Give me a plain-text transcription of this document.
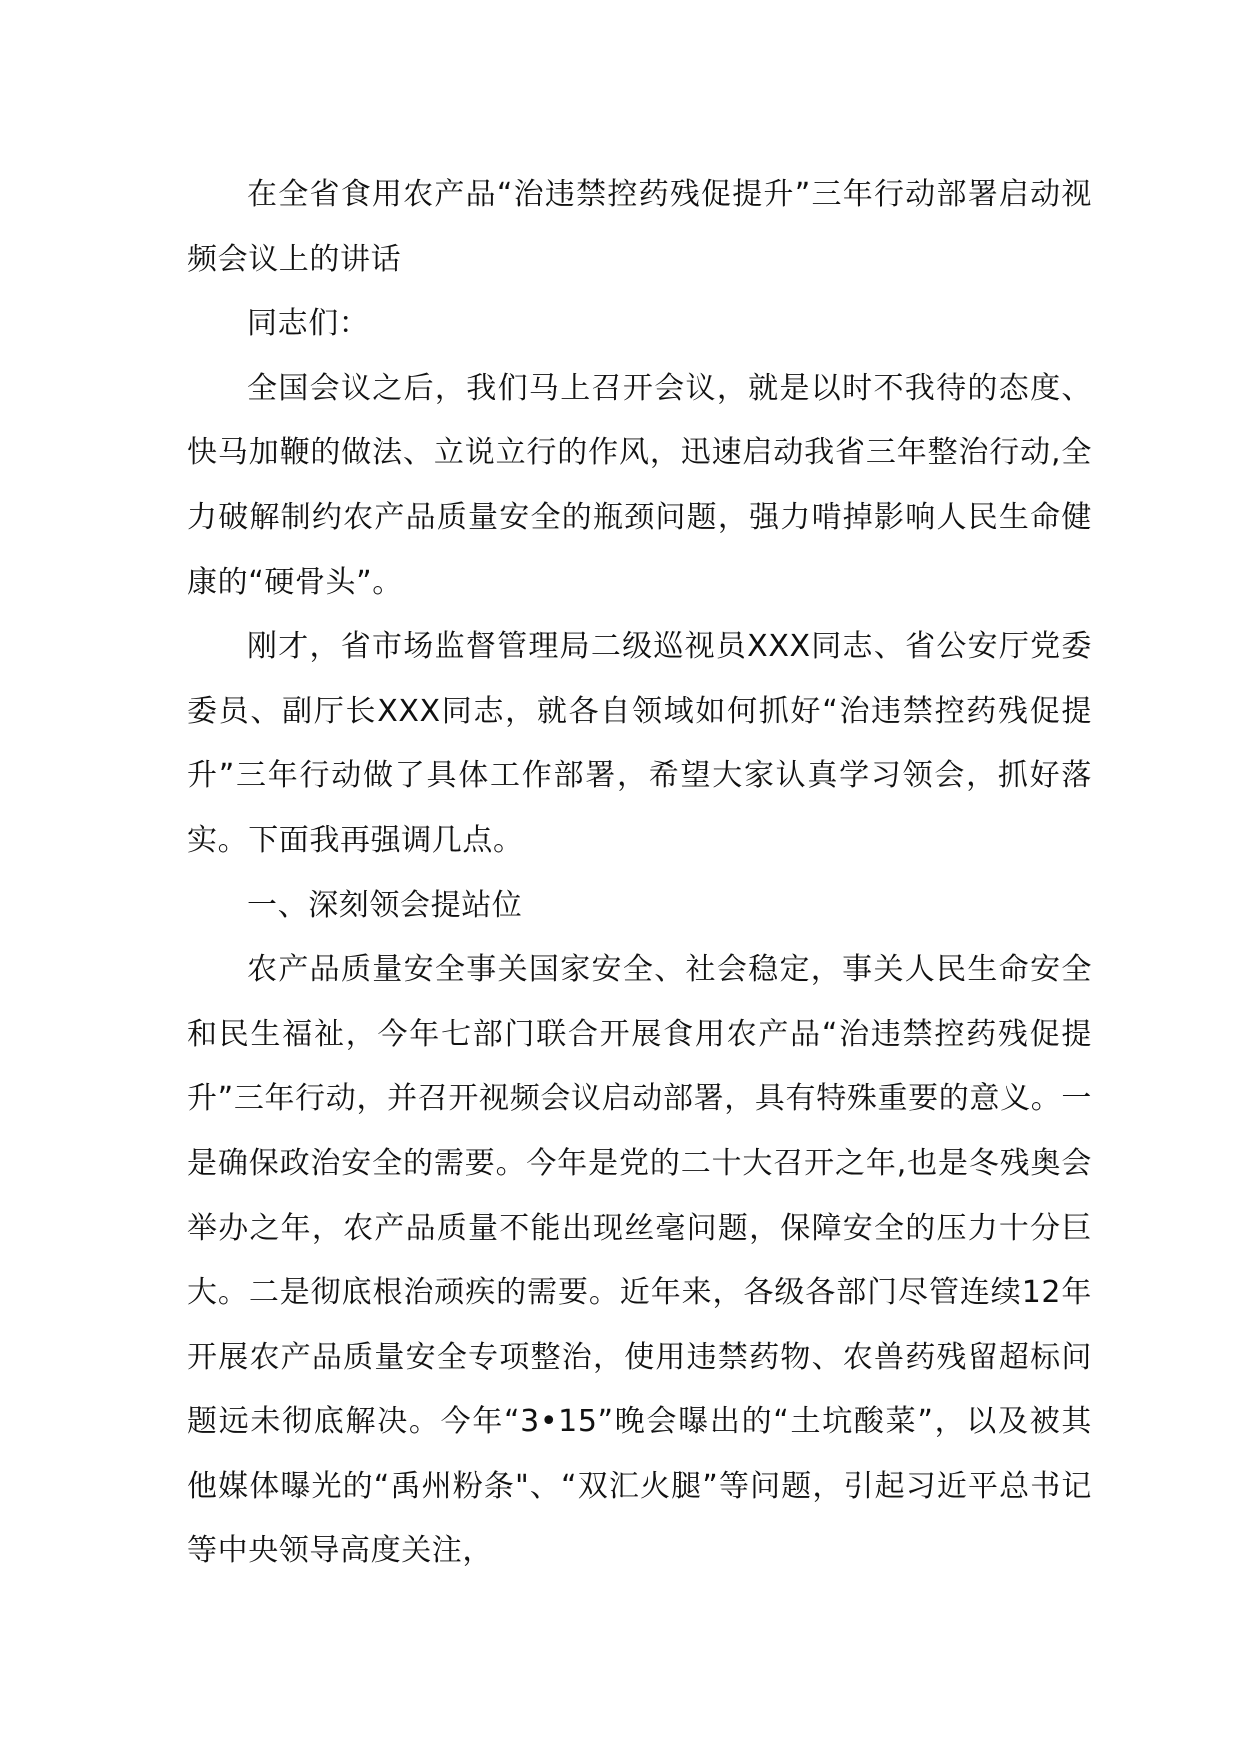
在全省食用农产品“治违禁控药残促提升”三年行动部署启动视频会议上的讲话

同志们：

全国会议之后，我们马上召开会议，就是以时不我待的态度、快马加鞭的做法、立说立行的作风，迅速启动我省三年整治行动,全力破解制约农产品质量安全的瓶颈问题，强力啃掉影响人民生命健康的“硬骨头”。

刚才，省市场监督管理局二级巡视员XXX同志、省公安厅党委委员、副厅长XXX同志，就各自领域如何抓好“治违禁控药残促提升”三年行动做了具体工作部署，希望大家认真学习领会，抓好落实。下面我再强调几点。

一、深刻领会提站位

农产品质量安全事关国家安全、社会稳定，事关人民生命安全和民生福祉，今年七部门联合开展食用农产品“治违禁控药残促提升”三年行动，并召开视频会议启动部署，具有特殊重要的意义。一是确保政治安全的需要。今年是党的二十大召开之年,也是冬残奥会举办之年，农产品质量不能出现丝毫问题，保障安全的压力十分巨大。二是彻底根治顽疾的需要。近年来，各级各部门尽管连续12年开展农产品质量安全专项整治，使用违禁药物、农兽药残留超标问题远未彻底解决。今年“3•15”晚会曝出的“土坑酸菜”，以及被其他媒体曝光的“禹州粉条"、“双汇火腿”等问题，引起习近平总书记等中央领导高度关注，
